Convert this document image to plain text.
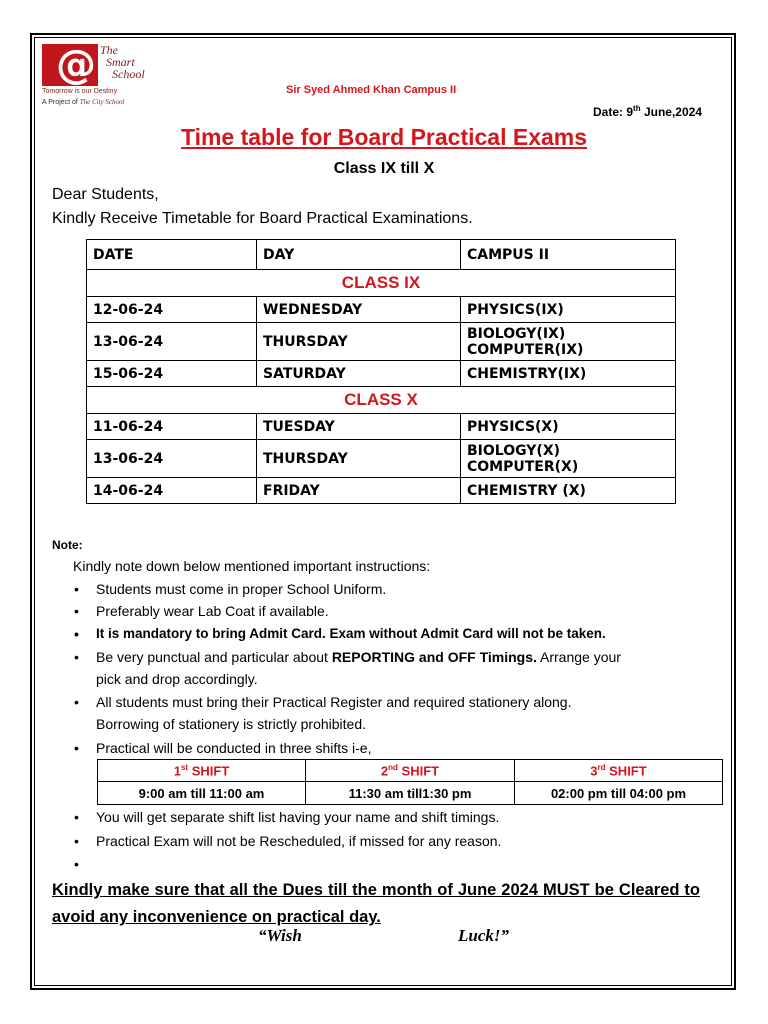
@ The
Smart
School
Tomorrow is our Destiny
A Project of The City School
Sir Syed Ahmed Khan Campus II
Date: 9th June,2024
Time table for Board Practical Exams
Class IX till X
Dear Students,
Kindly Receive Timetable for Board Practical Examinations.
DATE	DAY	CAMPUS II
CLASS IX		
12-06-24	WEDNESDAY	PHYSICS(IX)
13-06-24	THURSDAY	BIOLOGY(IX)
COMPUTER(IX)

15-06-24	SATURDAY	CHEMISTRY(IX)
CLASS X		
11-06-24	TUESDAY	PHYSICS(X)
13-06-24	THURSDAY	BIOLOGY(X)
COMPUTER(X)

14-06-24	FRIDAY	CHEMISTRY (X)
Note:
Kindly note down below mentioned important instructions:
•	Students must come in proper School Uniform.
•	Preferably wear Lab Coat if available.
•	It is mandatory to bring Admit Card. Exam without Admit Card will not be taken.
•	Be very punctual and particular about REPORTING and OFF Timings. Arrange your
pick and drop accordingly.
•	All students must bring their Practical Register and required stationery along.
Borrowing of stationery is strictly prohibited.
•	Practical will be conducted in three shifts i-e,
1st SHIFT	2nd SHIFT	3rd SHIFT
9:00 am till 11:00 am	11:30 am till1:30 pm	02:00 pm till 04:00 pm
•	You will get separate shift list having your name and shift timings.
•	Practical Exam will not be Rescheduled, if missed for any reason.
•
Kindly make sure that all the Dues till the month of June 2024 MUST be Cleared to avoid any inconvenience on practical day.
“Wish	Luck!”
